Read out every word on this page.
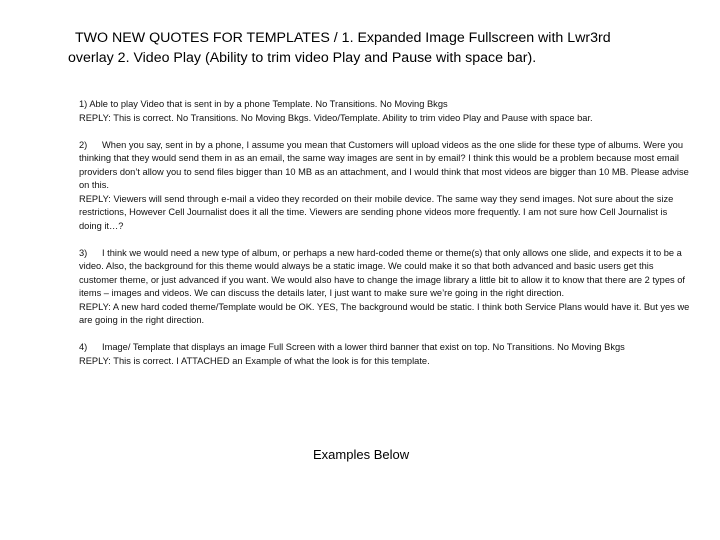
TWO NEW QUOTES FOR TEMPLATES / 1. Expanded Image Fullscreen with Lwr3rd
overlay 2. Video Play (Ability to trim video Play and Pause with space bar).

1) Able to play Video that is sent in by a phone Template. No Transitions. No Moving Bkgs

REPLY: This is correct. No Transitions. No Moving Bkgs. Video/Template. Ability to trim video Play and Pause with space bar.

2) When you say, sent in by a phone, I assume you mean that Customers will upload videos as the one slide for these type of albums. Were you thinking that they would send them in as an email, the same way images are sent in by email? I think this would be a problem because most email providers don’t allow you to send files bigger than 10 MB as an attachment, and I would think that most videos are bigger than 10 MB. Please advise on this.

REPLY: Viewers will send through e-mail a video they recorded on their mobile device. The same way they send images. Not sure about the size restrictions, However Cell Journalist does it all the time. Viewers are sending phone videos more frequently. I am not sure how Cell Journalist is doing it…?

3) I think we would need a new type of album, or perhaps a new hard-coded theme or theme(s) that only allows one slide, and expects it to be a video. Also, the background for this theme would always be a static image. We could make it so that both advanced and basic users get this customer theme, or just advanced if you want. We would also have to change the image library a little bit to allow it to know that there are 2 types of items – images and videos. We can discuss the details later, I just want to make sure we’re going in the right direction.

REPLY: A new hard coded theme/Template would be OK. YES, The background would be static. I think both Service Plans would have it. But yes we are going in the right direction.

4) Image/ Template that displays an image Full Screen with a lower third banner that exist on top. No Transitions. No Moving Bkgs

REPLY: This is correct. I ATTACHED an Example of what the look is for this template.

Examples Below
